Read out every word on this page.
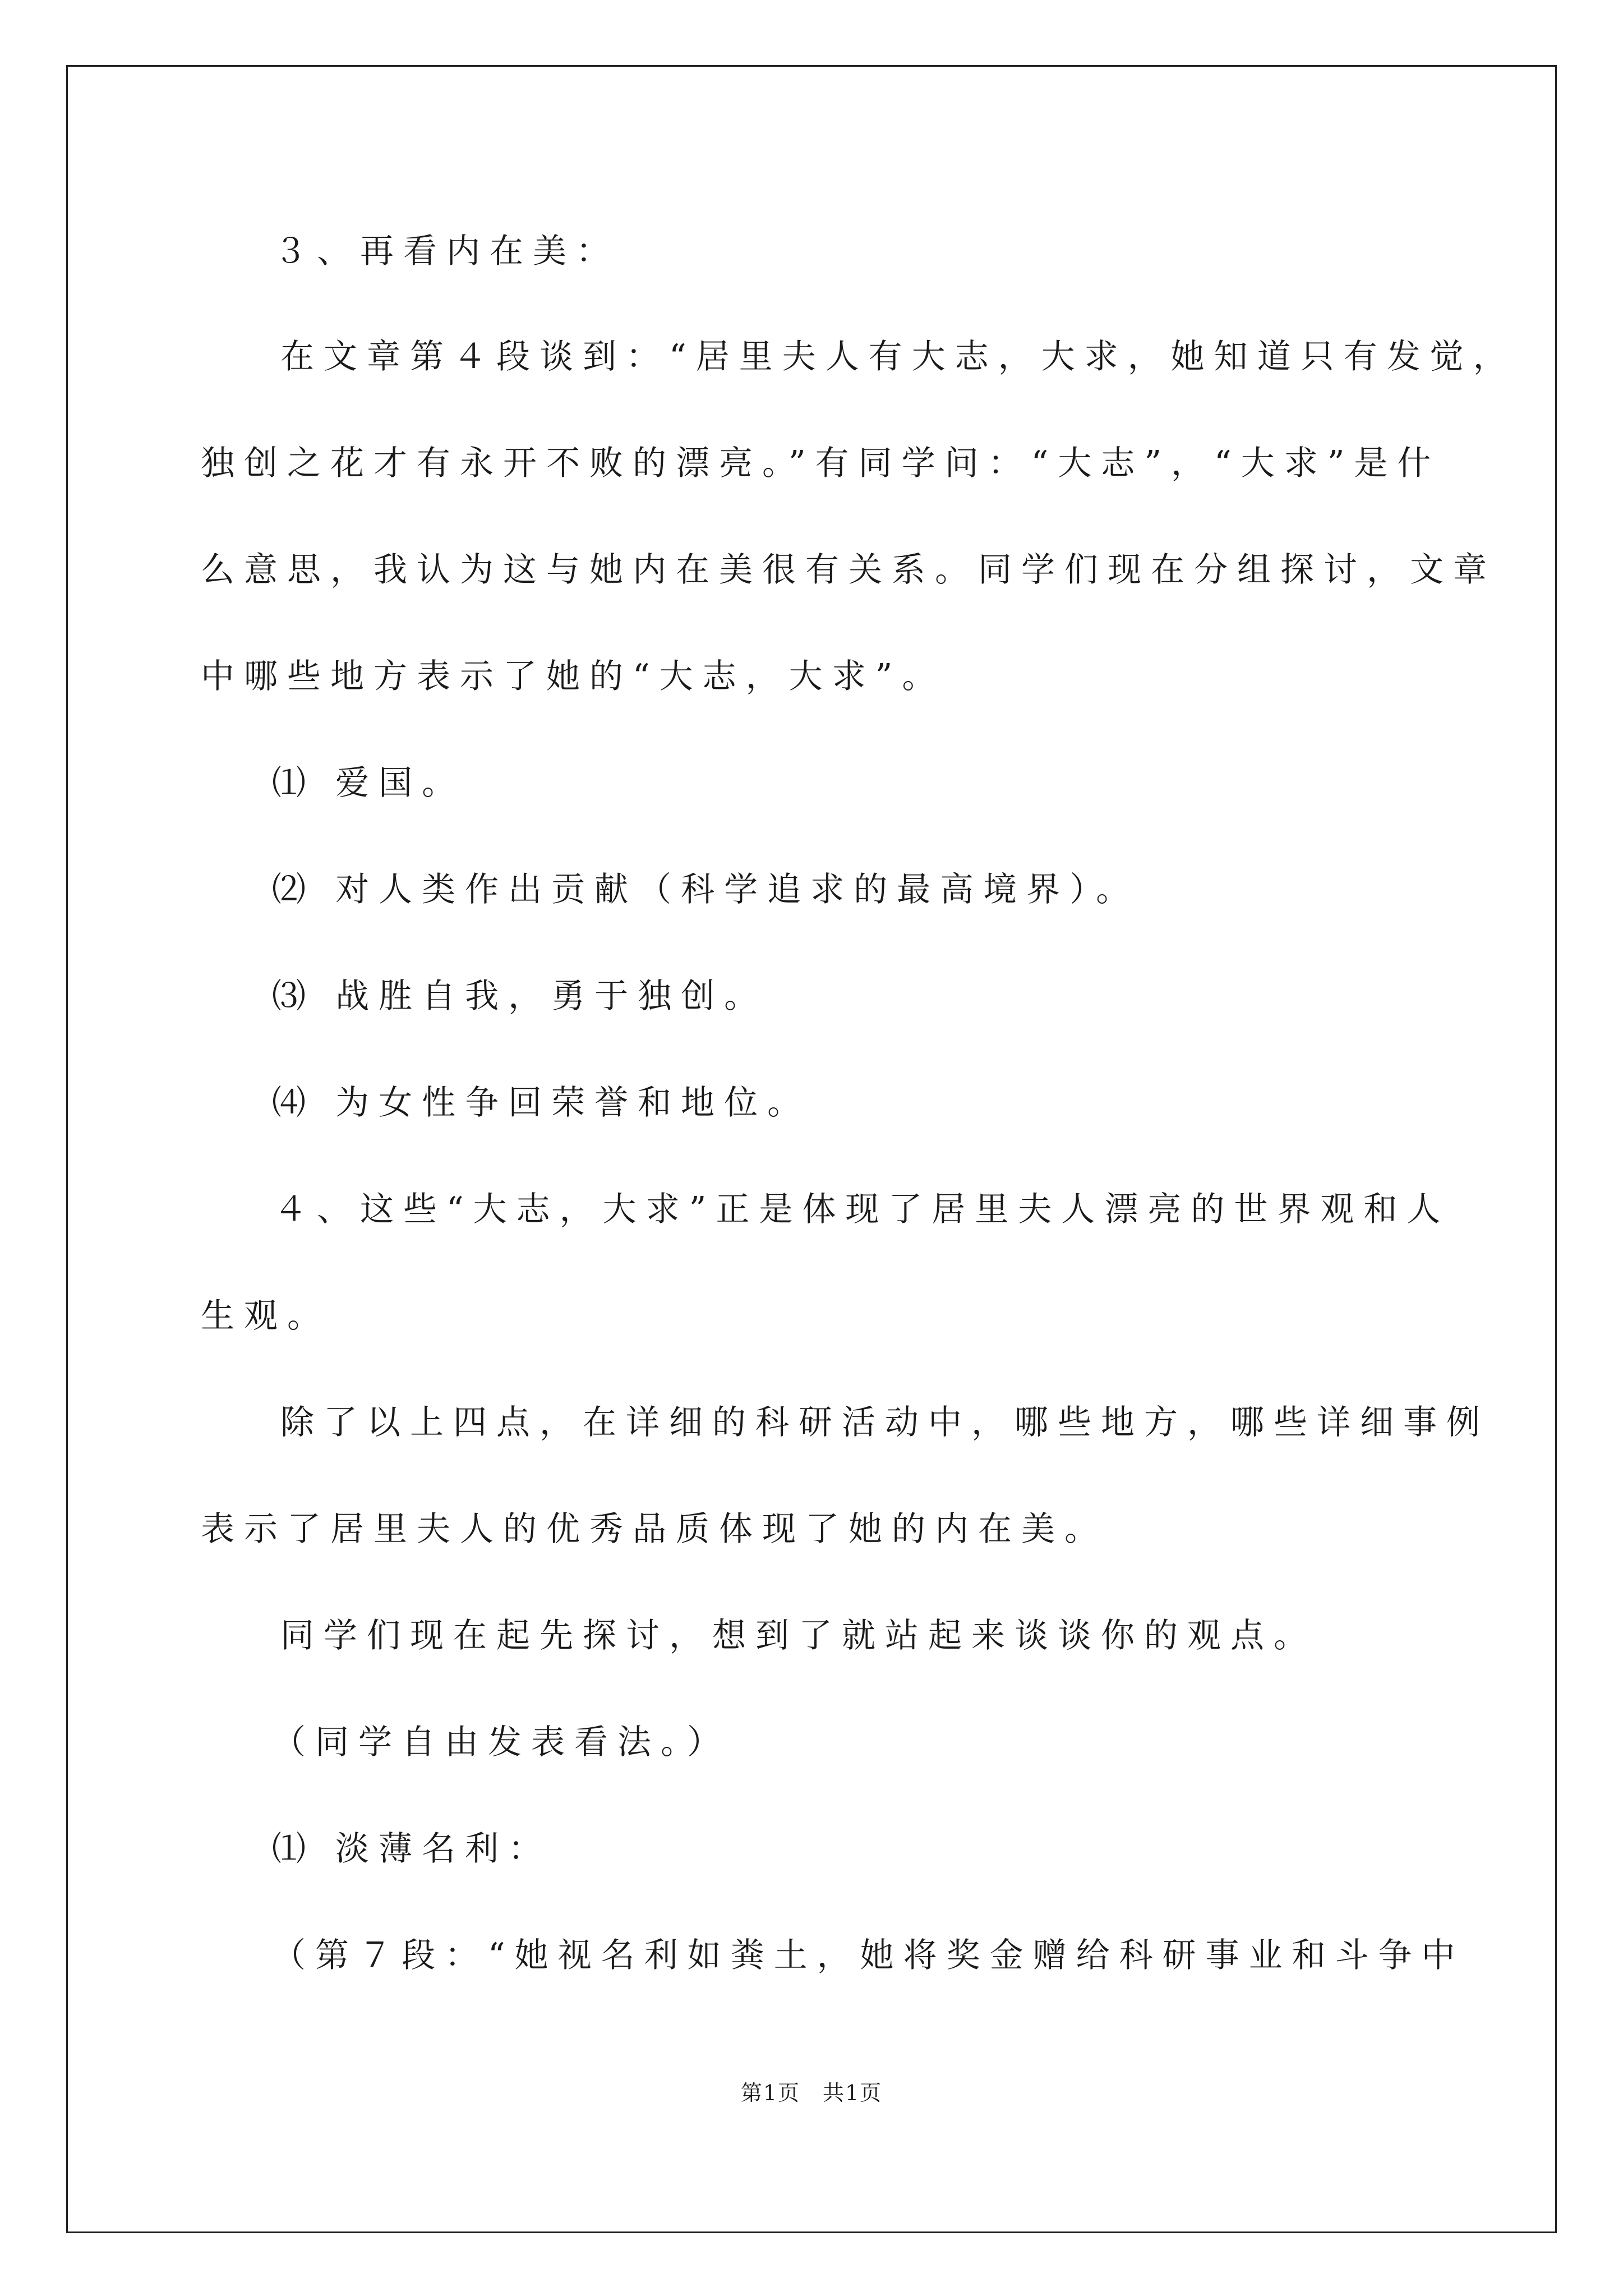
３、再看内在美：
在文章第４段谈到：“居里夫人有大志，大求，她知道只有发觉，
独创之花才有永开不败的漂亮。”有同学问：“大志”，“大求”是什
么意思，我认为这与她内在美很有关系。同学们现在分组探讨，文章
中哪些地方表示了她的“大志，大求”。
⑴ 爱国。
⑵ 对人类作出贡献（科学追求的最高境界）。
⑶ 战胜自我，勇于独创。
⑷ 为女性争回荣誉和地位。
４、这些“大志，大求”正是体现了居里夫人漂亮的世界观和人
生观。
除了以上四点，在详细的科研活动中，哪些地方，哪些详细事例
表示了居里夫人的优秀品质体现了她的内在美。
同学们现在起先探讨，想到了就站起来谈谈你的观点。
（同学自由发表看法。）
⑴ 淡薄名利：
（第７段：“她视名利如粪土，她将奖金赠给科研事业和斗争中
第1页　共1页
